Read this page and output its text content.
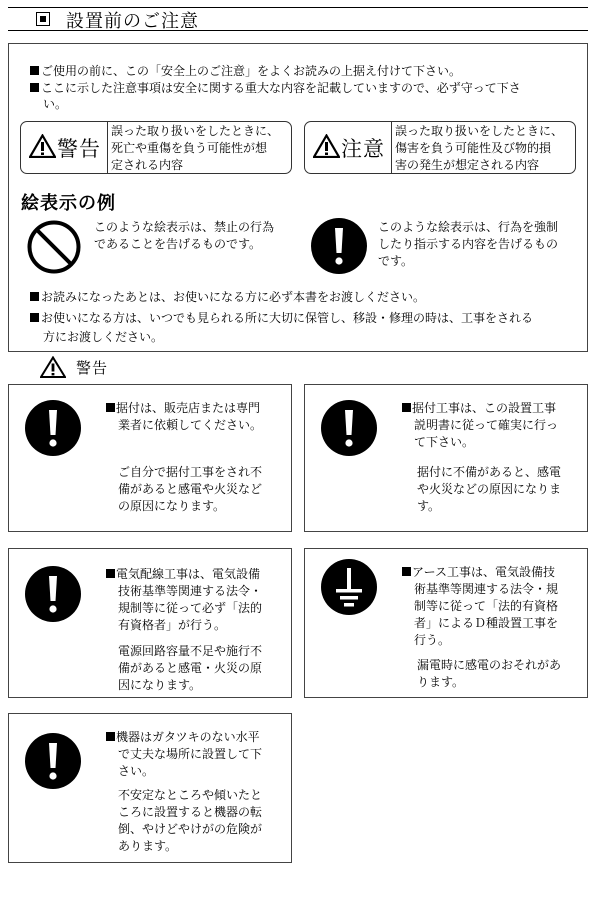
設置前のご注意
ご使用の前に、この「安全上のご注意」をよくお読みの上据え付けて下さい。
ここに示した注意事項は安全に関する重大な内容を記載していますので、必ず守って下さ
い。
警告
誤った取り扱いをしたときに、
死亡や重傷を負う可能性が想
定される内容
注意
誤った取り扱いをしたときに、
傷害を負う可能性及び物的損
害の発生が想定される内容
絵表示の例
このような絵表示は、禁止の行為
であることを告げるものです。
このような絵表示は、行為を強制
したり指示する内容を告げるもの
です。
お読みになったあとは、お使いになる方に必ず本書をお渡しください。
お使いになる方は、いつでも見られる所に大切に保管し、移設・修理の時は、工事をされる
方にお渡しください。
警告
据付は、販売店または専門
業者に依頼してください。
ご自分で据付工事をされ不
備があると感電や火災など
の原因になります。
据付工事は、この設置工事
説明書に従って確実に行っ
て下さい。
据付に不備があると、感電
や火災などの原因になりま
す。
電気配線工事は、電気設備
技術基準等関連する法令・
規制等に従って必ず「法的
有資格者」が行う。
電源回路容量不足や施行不
備があると感電・火災の原
因になります。
アース工事は、電気設備技
術基準等関連する法令・規
制等に従って「法的有資格
者」によるＤ種設置工事を
行う。
漏電時に感電のおそれがあ
ります。
機器はガタツキのない水平
で丈夫な場所に設置して下
さい。
不安定なところや傾いたと
ころに設置すると機器の転
倒、やけどやけがの危険が
あります。
